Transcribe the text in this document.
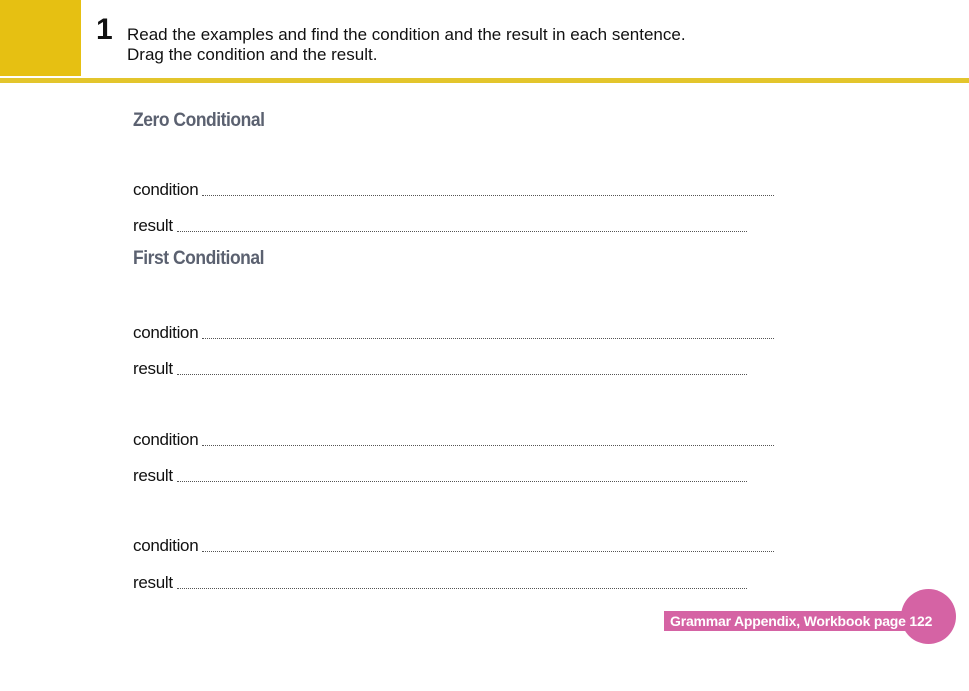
1 Read the examples and find the condition and the result in each sentence.
Drag the condition and the result.
Zero Conditional
condition
result
First Conditional
condition
result
condition
result
condition
result
Grammar Appendix, Workbook page 122
